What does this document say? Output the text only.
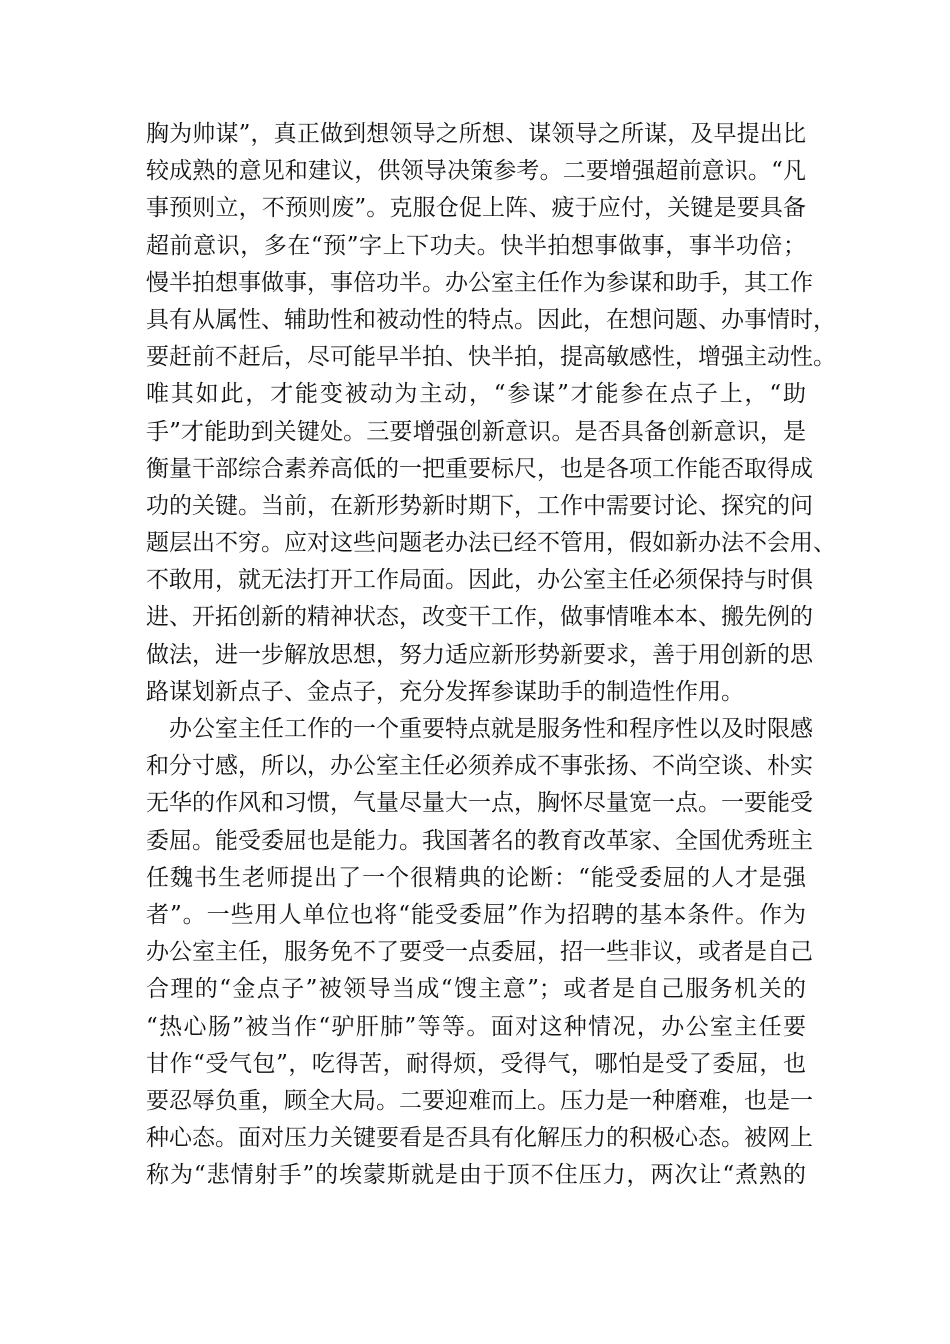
胸为帅谋”，真正做到想领导之所想、谋领导之所谋，及早提出比
较成熟的意见和建议，供领导决策参考。二要增强超前意识。“凡
事预则立，不预则废”。克服仓促上阵、疲于应付，关键是要具备
超前意识，多在“预”字上下功夫。快半拍想事做事，事半功倍；
慢半拍想事做事，事倍功半。办公室主任作为参谋和助手，其工作
具有从属性、辅助性和被动性的特点。因此，在想问题、办事情时，
要赶前不赶后，尽可能早半拍、快半拍，提高敏感性，增强主动性。
唯其如此，才能变被动为主动，“参谋”才能参在点子上，“助
手”才能助到关键处。三要增强创新意识。是否具备创新意识，是
衡量干部综合素养高低的一把重要标尺，也是各项工作能否取得成
功的关键。当前，在新形势新时期下，工作中需要讨论、探究的问
题层出不穷。应对这些问题老办法已经不管用，假如新办法不会用、
不敢用，就无法打开工作局面。因此，办公室主任必须保持与时俱
进、开拓创新的精神状态，改变干工作，做事情唯本本、搬先例的
做法，进一步解放思想，努力适应新形势新要求，善于用创新的思
路谋划新点子、金点子，充分发挥参谋助手的制造性作用。
办公室主任工作的一个重要特点就是服务性和程序性以及时限感
和分寸感，所以，办公室主任必须养成不事张扬、不尚空谈、朴实
无华的作风和习惯，气量尽量大一点，胸怀尽量宽一点。一要能受
委屈。能受委屈也是能力。我国著名的教育改革家、全国优秀班主
任魏书生老师提出了一个很精典的论断：“能受委屈的人才是强
者”。一些用人单位也将“能受委屈”作为招聘的基本条件。作为
办公室主任，服务免不了要受一点委屈，招一些非议，或者是自己
合理的“金点子”被领导当成“馊主意”；或者是自己服务机关的
“热心肠”被当作“驴肝肺”等等。面对这种情况，办公室主任要
甘作“受气包”，吃得苦，耐得烦，受得气，哪怕是受了委屈，也
要忍辱负重，顾全大局。二要迎难而上。压力是一种磨难，也是一
种心态。面对压力关键要看是否具有化解压力的积极心态。被网上
称为“悲情射手”的埃蒙斯就是由于顶不住压力，两次让“煮熟的
